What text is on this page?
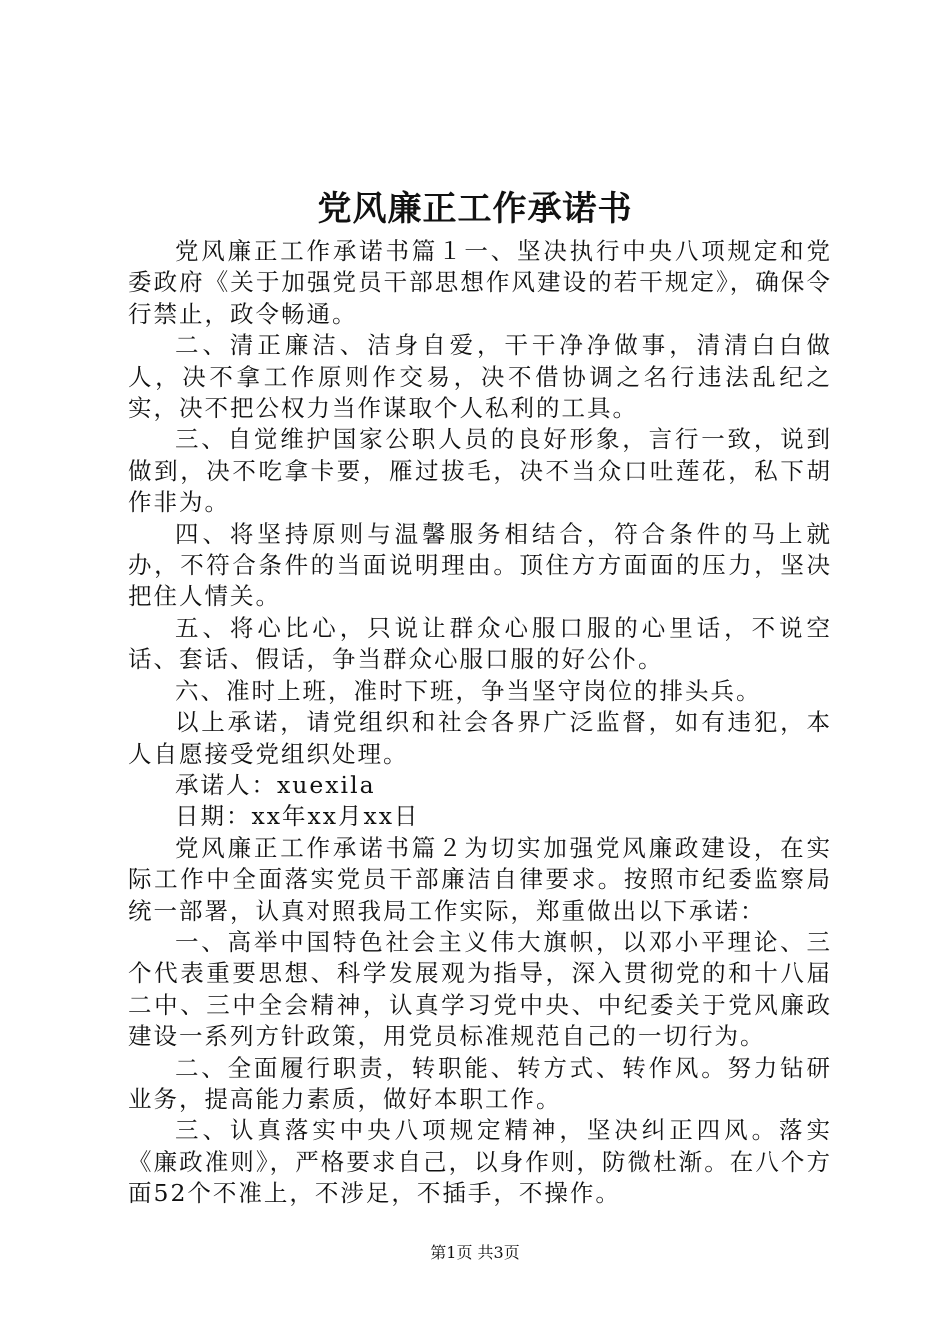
党风廉正工作承诺书

党风廉正工作承诺书篇１一、坚决执行中央八项规定和党委政府《关于加强党员干部思想作风建设的若干规定》，确保令行禁止，政令畅通。

二、清正廉洁、洁身自爱，干干净净做事，清清白白做人，决不拿工作原则作交易，决不借协调之名行违法乱纪之实，决不把公权力当作谋取个人私利的工具。

三、自觉维护国家公职人员的良好形象，言行一致，说到做到，决不吃拿卡要，雁过拔毛，决不当众口吐莲花，私下胡作非为。

四、将坚持原则与温馨服务相结合，符合条件的马上就办，不符合条件的当面说明理由。顶住方方面面的压力，坚决把住人情关。

五、将心比心，只说让群众心服口服的心里话，不说空话、套话、假话，争当群众心服口服的好公仆。

六、准时上班，准时下班，争当坚守岗位的排头兵。

以上承诺，请党组织和社会各界广泛监督，如有违犯，本人自愿接受党组织处理。

承诺人：xuexila

日期：xx年xx月xx日

党风廉正工作承诺书篇２为切实加强党风廉政建设，在实际工作中全面落实党员干部廉洁自律要求。按照市纪委监察局统一部署，认真对照我局工作实际，郑重做出以下承诺：

一、高举中国特色社会主义伟大旗帜，以邓小平理论、三个代表重要思想、科学发展观为指导，深入贯彻党的和十八届二中、三中全会精神，认真学习党中央、中纪委关于党风廉政建设一系列方针政策，用党员标准规范自己的一切行为。

二、全面履行职责，转职能、转方式、转作风。努力钻研业务，提高能力素质，做好本职工作。

三、认真落实中央八项规定精神，坚决纠正四风。落实《廉政准则》，严格要求自己，以身作则，防微杜渐。在八个方面52个不准上，不涉足，不插手，不操作。

第1页 共3页
